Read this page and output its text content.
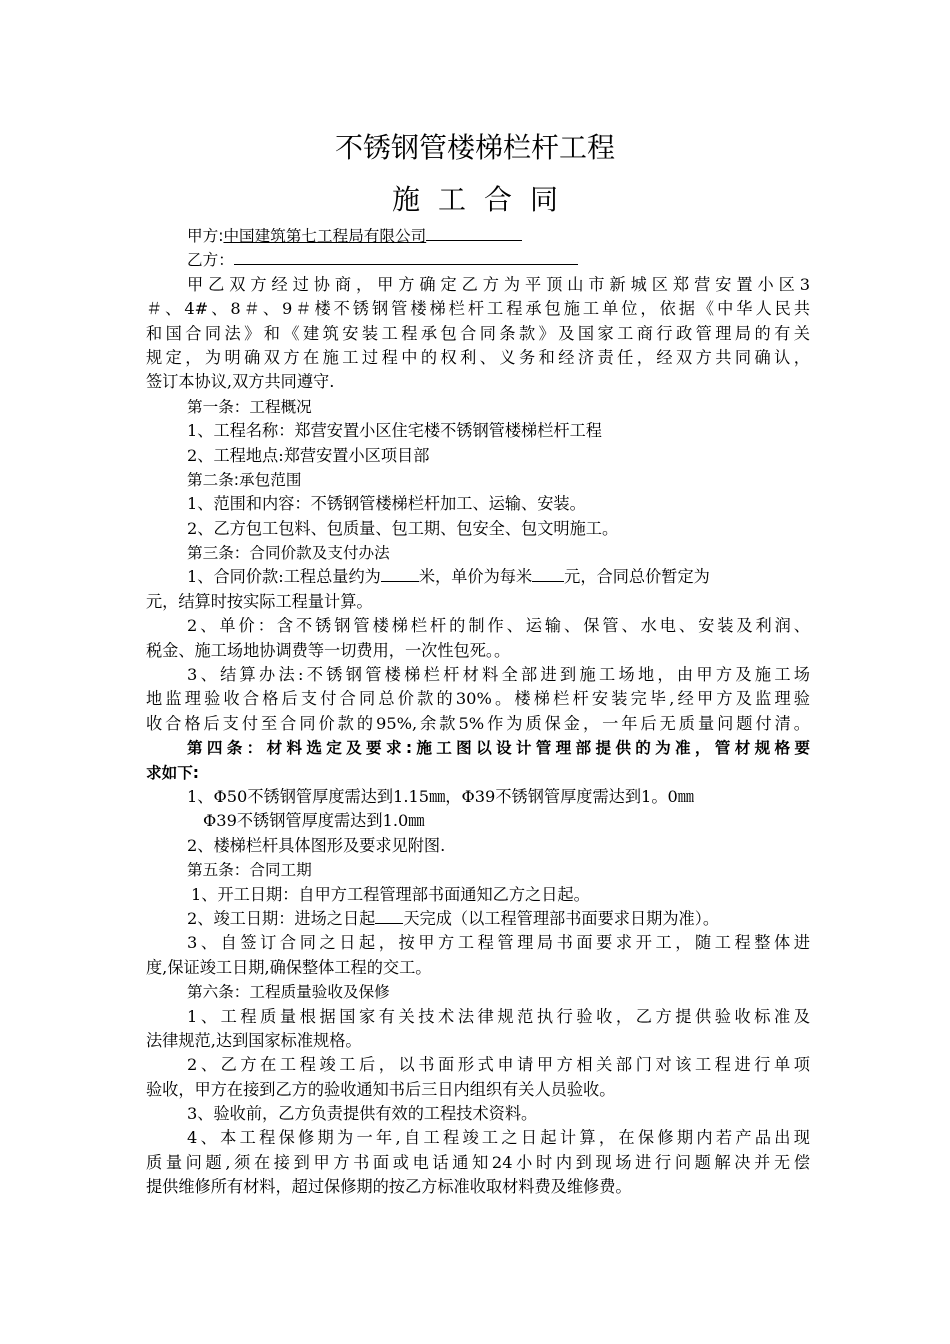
不锈钢管楼梯栏杆工程
施工合同
甲方:中国建筑第七工程局有限公司
乙方：
甲乙双方经过协商，甲方确定乙方为平顶山市新城区郑营安置小区3
＃、4#、8＃、9＃楼不锈钢管楼梯栏杆工程承包施工单位，依据《中华人民共
和国合同法》和《建筑安装工程承包合同条款》及国家工商行政管理局的有关
规定，为明确双方在施工过程中的权利、义务和经济责任，经双方共同确认，
签订本协议,双方共同遵守.
第一条：工程概况
1、工程名称：郑营安置小区住宅楼不锈钢管楼梯栏杆工程
2、工程地点:郑营安置小区项目部
第二条:承包范围
1、范围和内容：不锈钢管楼梯栏杆加工、运输、安装。
2、乙方包工包料、包质量、包工期、包安全、包文明施工。
第三条：合同价款及支付办法
1、合同价款:工程总量约为 米，单价为每米 元，合同总价暂定为
元，结算时按实际工程量计算。
2、单价：含不锈钢管楼梯栏杆的制作、运输、保管、水电、安装及利润、
税金、施工场地协调费等一切费用，一次性包死。。
3、结算办法:不锈钢管楼梯栏杆材料全部进到施工场地，由甲方及施工场
地监理验收合格后支付合同总价款的30%。楼梯栏杆安装完毕,经甲方及监理验
收合格后支付至合同价款的95%,余款5%作为质保金，一年后无质量问题付清。
第四条：材料选定及要求:施工图以设计管理部提供的为准，管材规格要
求如下:
1、Φ50不锈钢管厚度需达到1.15㎜，Φ39不锈钢管厚度需达到1。0㎜
Φ39不锈钢管厚度需达到1.0㎜
2、楼梯栏杆具体图形及要求见附图.
第五条：合同工期
1、开工日期：自甲方工程管理部书面通知乙方之日起。
2、竣工日期：进场之日起 天完成（以工程管理部书面要求日期为准）。
3、自签订合同之日起，按甲方工程管理局书面要求开工，随工程整体进
度,保证竣工日期,确保整体工程的交工。
第六条：工程质量验收及保修
1、工程质量根据国家有关技术法律规范执行验收，乙方提供验收标准及
法律规范,达到国家标准规格。
2、乙方在工程竣工后，以书面形式申请甲方相关部门对该工程进行单项
验收，甲方在接到乙方的验收通知书后三日内组织有关人员验收。
3、验收前，乙方负责提供有效的工程技术资料。
4、本工程保修期为一年,自工程竣工之日起计算，在保修期内若产品出现
质量问题,须在接到甲方书面或电话通知24小时内到现场进行问题解决并无偿
提供维修所有材料，超过保修期的按乙方标准收取材料费及维修费。
